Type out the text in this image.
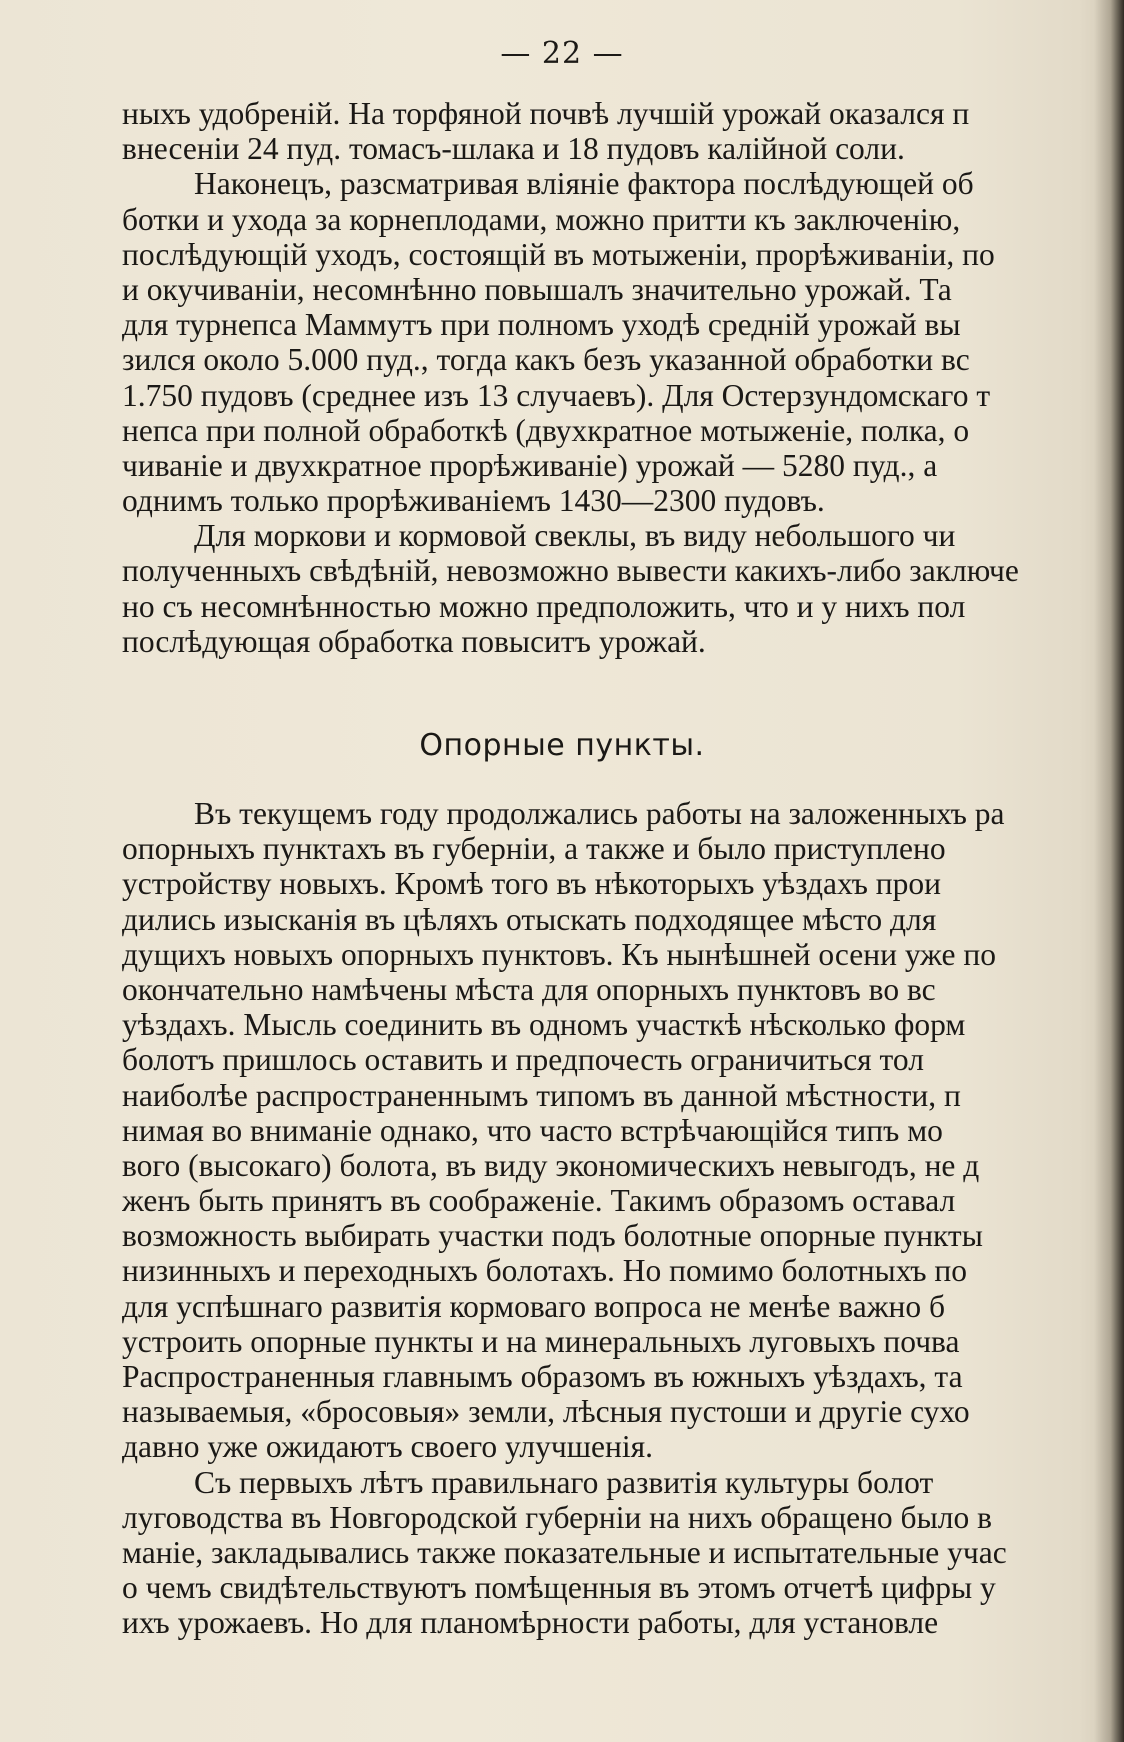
— 22 —
ныхъ удобреній. На торфяной почвѣ лучшій урожай оказался п
внесеніи 24 пуд. томасъ-шлака и 18 пудовъ калійной соли.
Наконецъ, разсматривая вліяніе фактора послѣдующей об
ботки и ухода за корнеплодами, можно притти къ заключенію,
послѣдующій уходъ, состоящій въ мотыженіи, прорѣживаніи, по
и окучиваніи, несомнѣнно повышалъ значительно урожай. Та
для турнепса Маммутъ при полномъ уходѣ средній урожай вы
зился около 5.000 пуд., тогда какъ безъ указанной обработки вс
1.750 пудовъ (среднее изъ 13 случаевъ). Для Остерзундомскаго т
непса при полной обработкѣ (двухкратное мотыженіе, полка, о
чиваніе и двухкратное прорѣживаніе) урожай — 5280 пуд., а
однимъ только прорѣживаніемъ 1430—2300 пудовъ.
Для моркови и кормовой свеклы, въ виду небольшого чи
полученныхъ свѣдѣній, невозможно вывести какихъ-либо заключе
но съ несомнѣнностью можно предположить, что и у нихъ пол
послѣдующая обработка повыситъ урожай.
Опорные пункты.
Въ текущемъ году продолжались работы на заложенныхъ ра
опорныхъ пунктахъ въ губерніи, а также и было приступлено
устройству новыхъ. Кромѣ того въ нѣкоторыхъ уѣздахъ прои
дились изысканія въ цѣляхъ отыскать подходящее мѣсто для
дущихъ новыхъ опорныхъ пунктовъ. Къ нынѣшней осени уже по
окончательно намѣчены мѣста для опорныхъ пунктовъ во вс
уѣздахъ. Мысль соединить въ одномъ участкѣ нѣсколько форм
болотъ пришлось оставить и предпочесть ограничиться тол
наиболѣе распространеннымъ типомъ въ данной мѣстности, п
нимая во вниманіе однако, что часто встрѣчающійся типъ мо
вого (высокаго) болота, въ виду экономическихъ невыгодъ, не д
женъ быть принятъ въ соображеніе. Такимъ образомъ оставал
возможность выбирать участки подъ болотные опорные пункты
низинныхъ и переходныхъ болотахъ. Но помимо болотныхъ по
для успѣшнаго развитія кормоваго вопроса не менѣе важно б
устроить опорные пункты и на минеральныхъ луговыхъ почва
Распространенныя главнымъ образомъ въ южныхъ уѣздахъ, та
называемыя, «бросовыя» земли, лѣсныя пустоши и другіе сухо
давно уже ожидаютъ своего улучшенія.
Съ первыхъ лѣтъ правильнаго развитія культуры болот
луговодства въ Новгородской губерніи на нихъ обращено было в
маніе, закладывались также показательные и испытательные учас
о чемъ свидѣтельствуютъ помѣщенныя въ этомъ отчетѣ цифры у
ихъ урожаевъ. Но для планомѣрности работы, для установле
